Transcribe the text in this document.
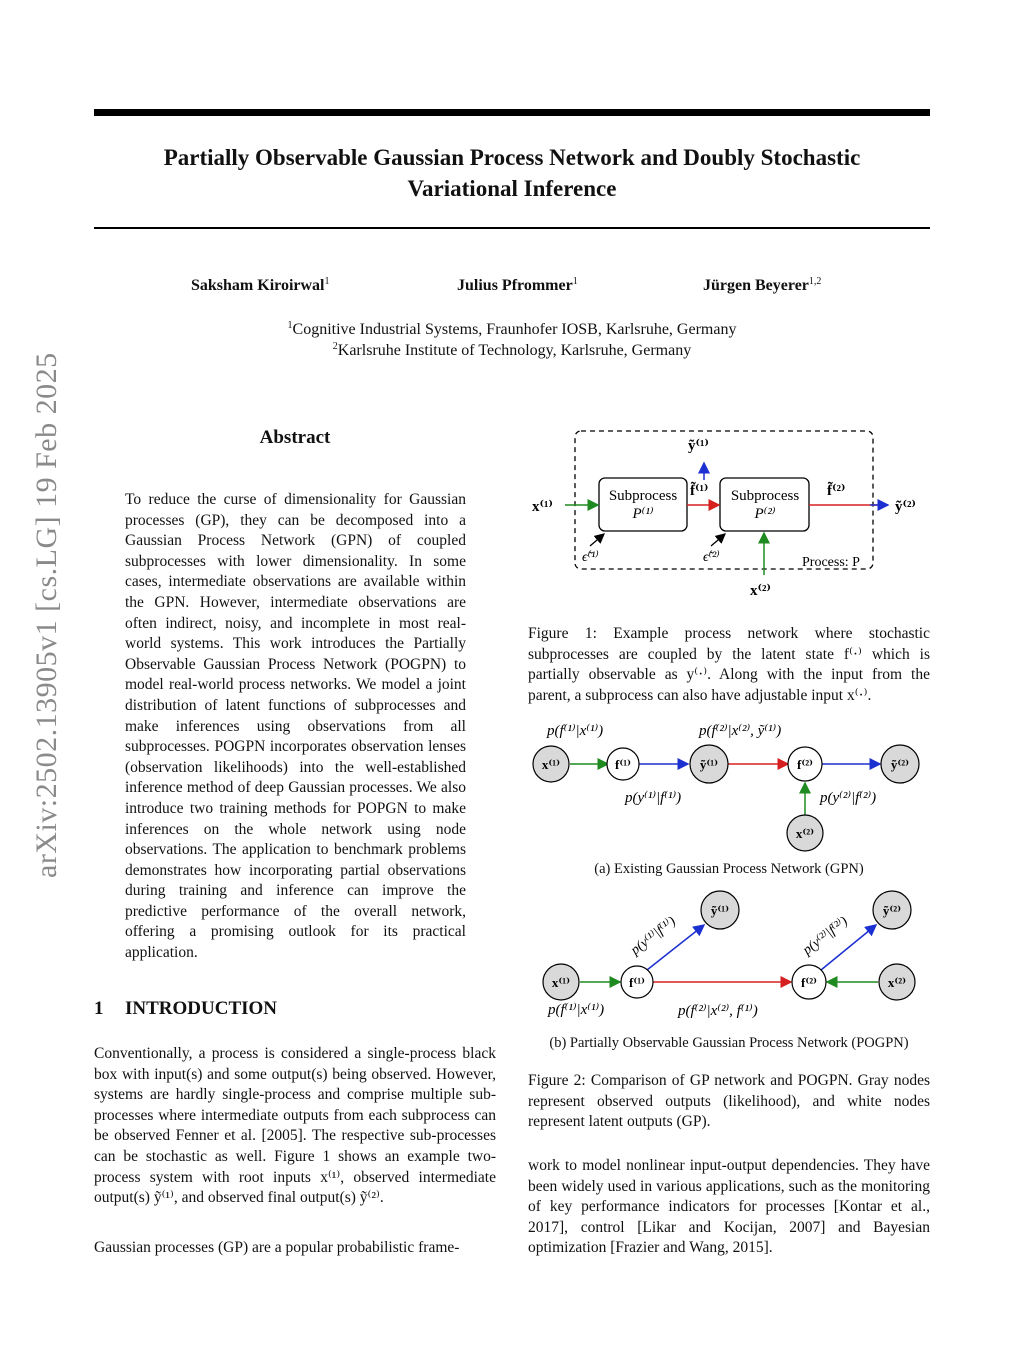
Partially Observable Gaussian Process Network and Doubly Stochastic
Variational Inference
arXiv:2502.13905v1 [cs.LG] 19 Feb 2025
Saksham Kiroirwal$^1$	Julius Pfrommer$^1$	Jürgen Beyerer$^{1,2}$
$^1$Cognitive Industrial Systems, Fraunhofer IOSB, Karlsruhe, Germany
$^2$Karlsruhe Institute of Technology, Karlsruhe, Germany
Abstract
To reduce the curse of dimensionality for Gaussian processes (GP), they can be decomposed into a Gaussian Process Network (GPN) of coupled subprocesses with lower dimensionality. In some cases, intermediate observations are available within the GPN. However, intermediate observations are often indirect, noisy, and incomplete in most real-world systems. This work introduces the Partially Observable Gaussian Process Network (POGPN) to model real-world process networks. We model a joint distribution of latent functions of subprocesses and make inferences using observations from all subprocesses. POGPN incorporates observation lenses (observation likelihoods) into the well-established inference method of deep Gaussian processes. We also introduce two training methods for POPGN to make inferences on the whole network using node observations. The application to benchmark problems demonstrates how incorporating partial observations during training and inference can improve the predictive performance of the overall network, offering a promising outlook for its practical application.
1 INTRODUCTION
Conventionally, a process is considered a single-process black box with input(s) and some output(s) being observed. However, systems are hardly single-process and comprise multiple sub-processes where intermediate outputs from each subprocess can be observed Fenner et al. [2005]. The respective sub-processes can be stochastic as well. Figure 1 shows an example two-process system with root inputs x⁽¹⁾, observed intermediate output(s) ỹ⁽¹⁾, and observed final output(s) ỹ⁽²⁾.
Gaussian processes (GP) are a popular probabilistic frame-
work to model nonlinear input-output dependencies. They have been widely used in various applications, such as the monitoring of key performance indicators for processes [Kontar et al., 2017], control [Likar and Kocijan, 2007] and Bayesian optimization [Frazier and Wang, 2015].
Subprocess
P⁽¹⁾
Subprocess
P⁽²⁾
x⁽¹⁾
f̃⁽¹⁾	f̃⁽²⁾
ỹ⁽¹⁾
ỹ⁽²⁾
ϵ̃⁽¹⁾	ϵ̃⁽²⁾
x⁽²⁾
Process: P
Figure 1: Example process network where stochastic subprocesses are coupled by the latent state f⁽·⁾ which is partially observable as y⁽·⁾. Along with the input from the parent, a subprocess can also have adjustable input x⁽·⁾.
x⁽¹⁾	f⁽¹⁾	ỹ⁽¹⁾	f⁽²⁾	ỹ⁽²⁾
x⁽²⁾
p(f⁽¹⁾|x⁽¹⁾)	p(f⁽²⁾|x⁽²⁾, ỹ⁽¹⁾)
p(y⁽¹⁾|f⁽¹⁾)	p(y⁽²⁾|f⁽²⁾)
(a) Existing Gaussian Process Network (GPN)
x⁽¹⁾	f⁽¹⁾
ỹ⁽¹⁾
f⁽²⁾
ỹ⁽²⁾
x⁽²⁾
p(y⁽¹⁾|f⁽¹⁾)	p(y⁽²⁾|f⁽²⁾)
p(f⁽¹⁾|x⁽¹⁾)	p(f⁽²⁾|x⁽²⁾, f⁽¹⁾)
(b) Partially Observable Gaussian Process Network (POGPN)
Figure 2: Comparison of GP network and POGPN. Gray nodes represent observed outputs (likelihood), and white nodes represent latent outputs (GP).
